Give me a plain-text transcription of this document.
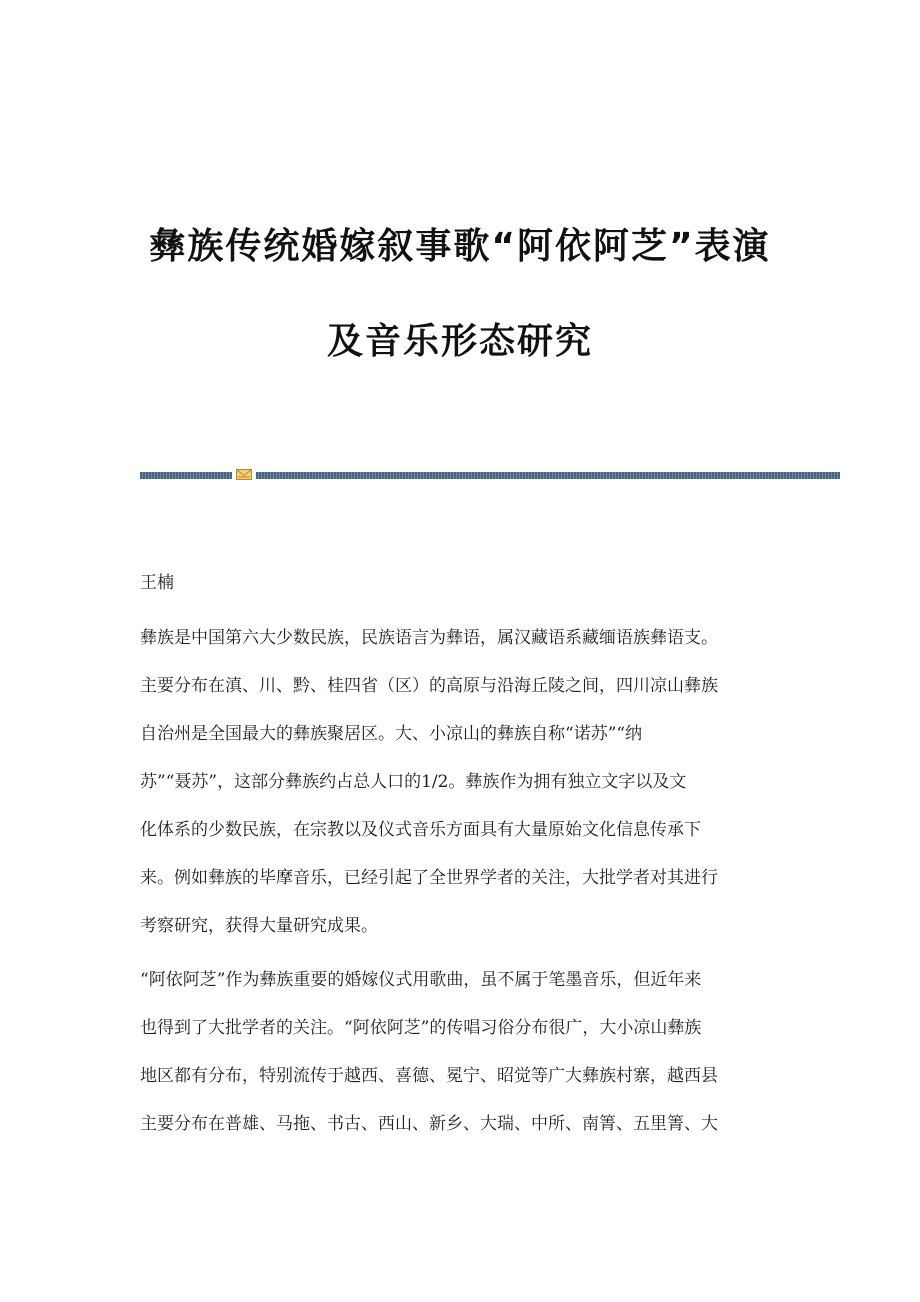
彝族传统婚嫁叙事歌“阿依阿芝”表演
及音乐形态研究
王楠
彝族是中国第六大少数民族，民族语言为彝语，属汉藏语系藏缅语族彝语支。
主要分布在滇、川、黔、桂四省（区）的高原与沿海丘陵之间，四川凉山彝族
自治州是全国最大的彝族聚居区。大、小凉山的彝族自称“诺苏”“纳
苏”“聂苏”，这部分彝族约占总人口的1/2。彝族作为拥有独立文字以及文
化体系的少数民族，在宗教以及仪式音乐方面具有大量原始文化信息传承下
来。例如彝族的毕摩音乐，已经引起了全世界学者的关注，大批学者对其进行
考察研究，获得大量研究成果。
“阿依阿芝”作为彝族重要的婚嫁仪式用歌曲，虽不属于笔墨音乐，但近年来
也得到了大批学者的关注。“阿依阿芝”的传唱习俗分布很广，大小凉山彝族
地区都有分布，特别流传于越西、喜德、冕宁、昭觉等广大彝族村寨，越西县
主要分布在普雄、马拖、书古、西山、新乡、大瑞、中所、南箐、五里箐、大
